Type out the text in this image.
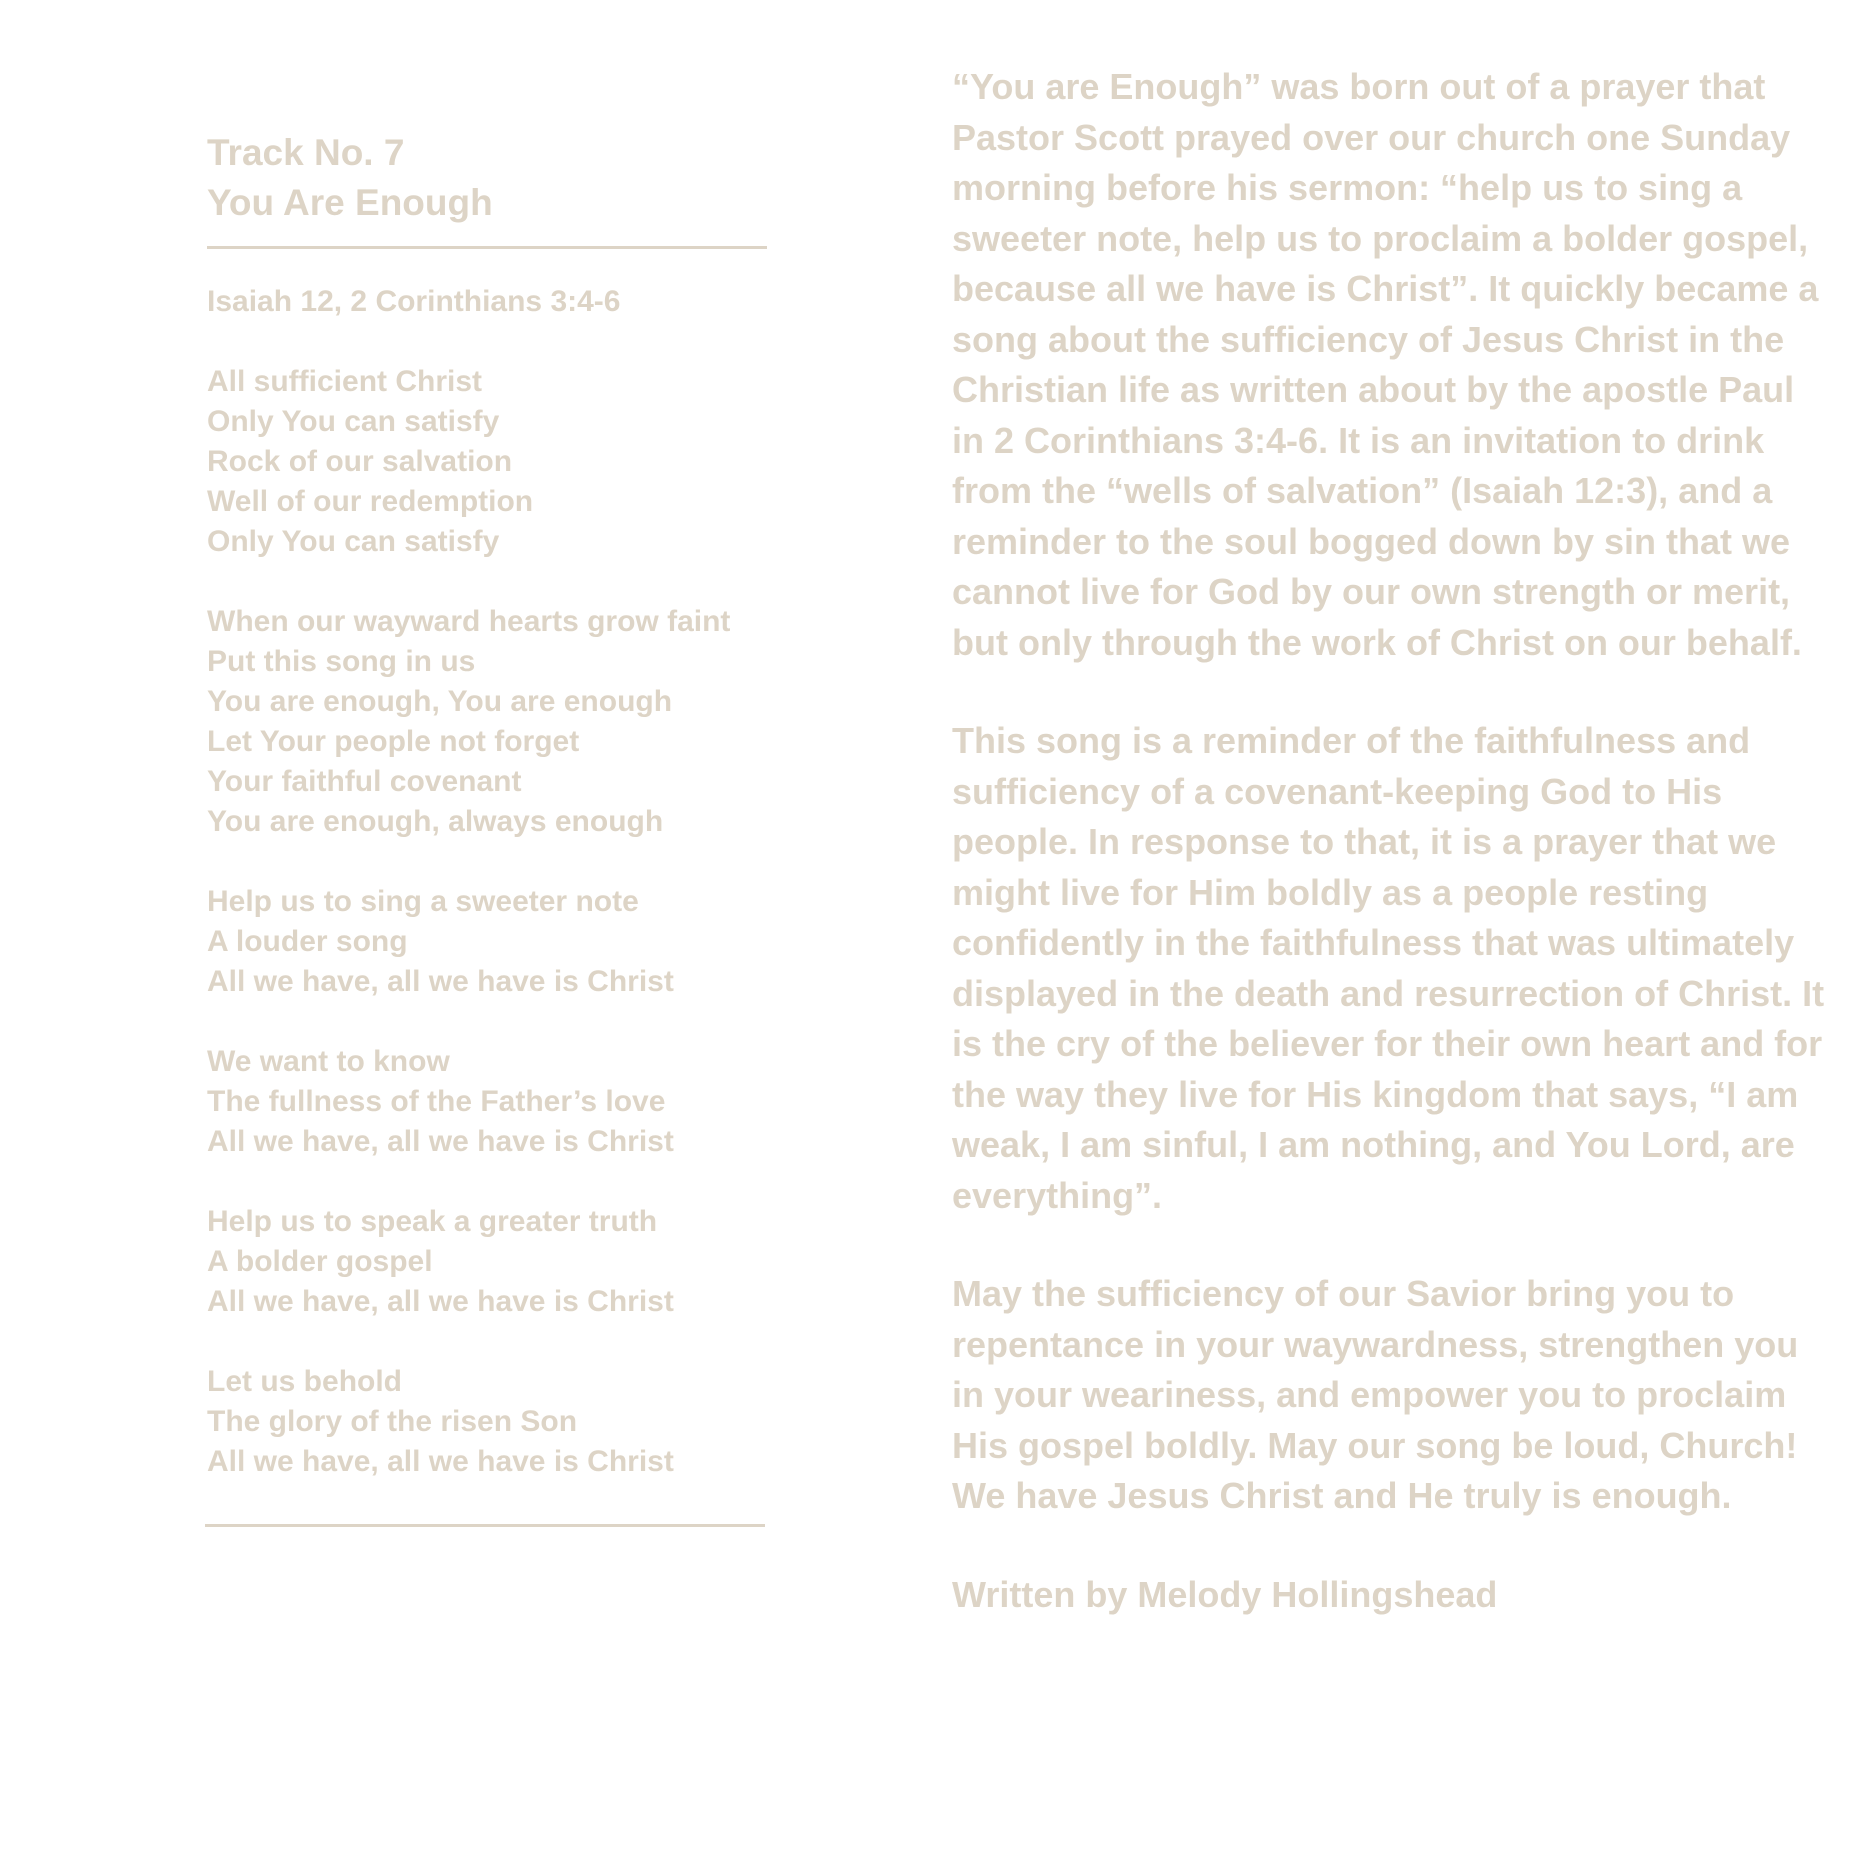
Track No. 7

You Are Enough

Isaiah 12, 2 Corinthians 3:4-6

All sufficient Christ
Only You can satisfy
Rock of our salvation
Well of our redemption
Only You can satisfy
When our wayward hearts grow faint
Put this song in us
You are enough, You are enough
Let Your people not forget
Your faithful covenant
You are enough, always enough
Help us to sing a sweeter note
A louder song
All we have, all we have is Christ
We want to know
The fullness of the Father’s love
All we have, all we have is Christ
Help us to speak a greater truth
A bolder gospel
All we have, all we have is Christ
Let us behold
The glory of the risen Son
All we have, all we have is Christ

“You are Enough” was born out of a prayer that Pastor Scott prayed over our church one Sunday morning before his sermon: “help us to sing a sweeter note, help us to proclaim a bolder gospel, because all we have is Christ”. It quickly became a song about the sufficiency of Jesus Christ in the Christian life as written about by the apostle Paul in 2 Corinthians 3:4-6. It is an invitation to drink from the “wells of salvation” (Isaiah 12:3), and a reminder to the soul bogged down by sin that we cannot live for God by our own strength or merit, but only through the work of Christ on our behalf.

This song is a reminder of the faithfulness and sufficiency of a covenant-keeping God to His people. In response to that, it is a prayer that we might live for Him boldly as a people resting confidently in the faithfulness that was ultimately displayed in the death and resurrection of Christ. It is the cry of the believer for their own heart and for the way they live for His kingdom that says, “I am weak, I am sinful, I am nothing, and You Lord, are everything”.

May the sufficiency of our Savior bring you to repentance in your waywardness, strengthen you in your weariness, and empower you to proclaim His gospel boldly. May our song be loud, Church! We have Jesus Christ and He truly is enough.

Written by Melody Hollingshead
